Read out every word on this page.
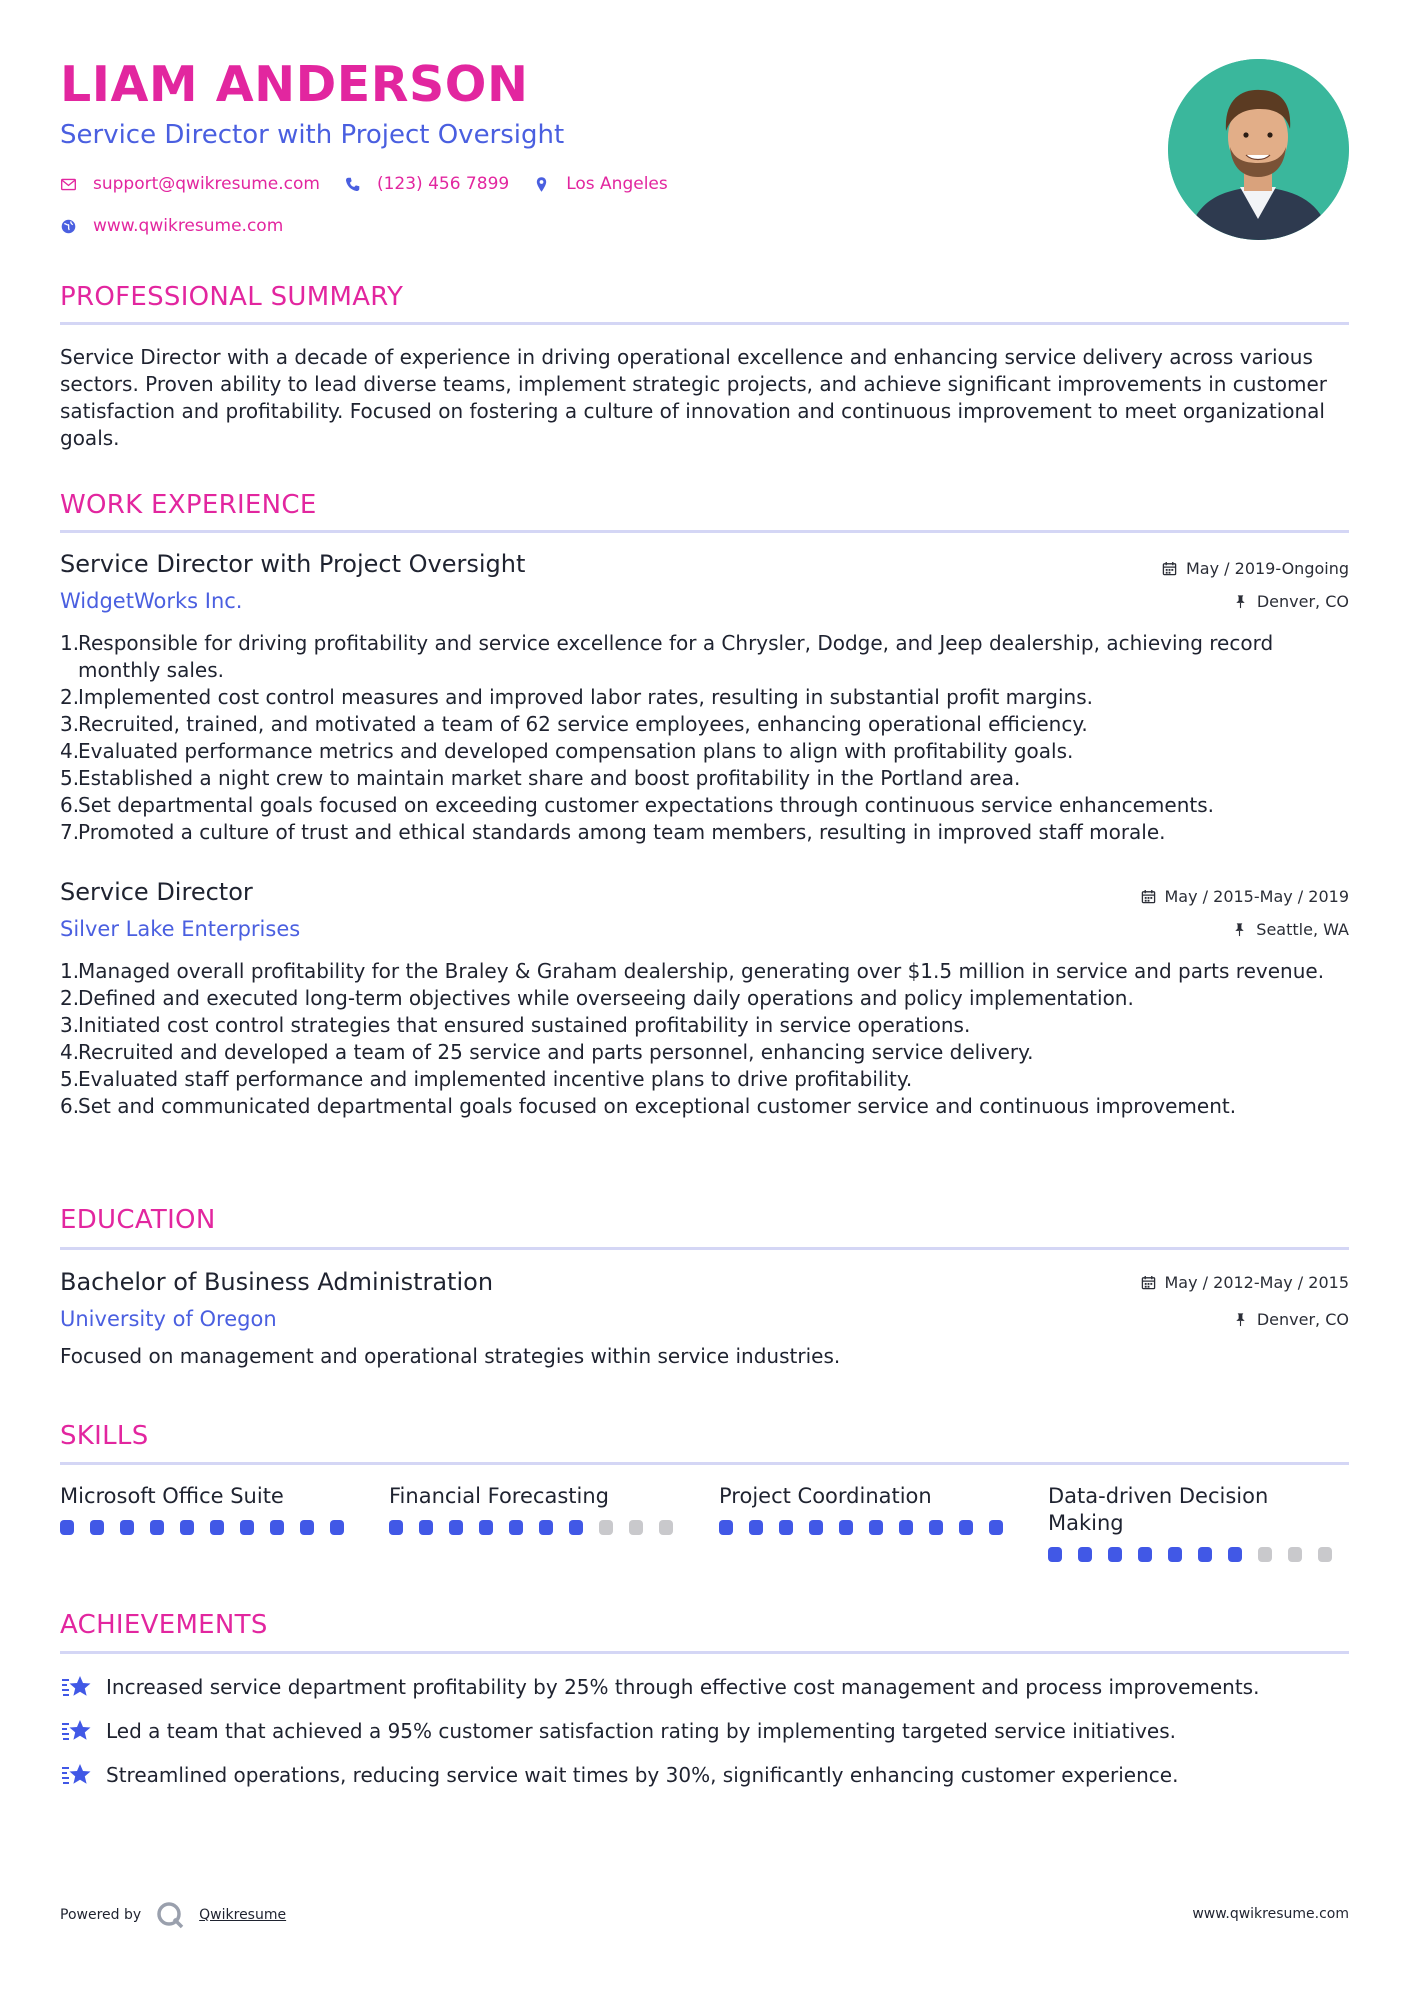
LIAM ANDERSON
Service Director with Project Oversight
support@qwikresume.com	(123) 456 7899	Los Angeles
www.qwikresume.com
PROFESSIONAL SUMMARY
Service Director with a decade of experience in driving operational excellence and enhancing service delivery across various sectors. Proven ability to lead diverse teams, implement strategic projects, and achieve significant improvements in customer satisfaction and profitability. Focused on fostering a culture of innovation and continuous improvement to meet organizational goals.
WORK EXPERIENCE
Service Director with Project Oversight	May / 2019-Ongoing
WidgetWorks Inc.	Denver, CO
1.
Responsible for driving profitability and service excellence for a Chrysler, Dodge, and Jeep dealership, achieving record monthly sales.
2.
Implemented cost control measures and improved labor rates, resulting in substantial profit margins.
3.
Recruited, trained, and motivated a team of 62 service employees, enhancing operational efficiency.
4.
Evaluated performance metrics and developed compensation plans to align with profitability goals.
5.
Established a night crew to maintain market share and boost profitability in the Portland area.
6.
Set departmental goals focused on exceeding customer expectations through continuous service enhancements.
7.
Promoted a culture of trust and ethical standards among team members, resulting in improved staff morale.
Service Director	May / 2015-May / 2019
Silver Lake Enterprises	Seattle, WA
1.
Managed overall profitability for the Braley & Graham dealership, generating over $1.5 million in service and parts revenue.
2.
Defined and executed long-term objectives while overseeing daily operations and policy implementation.
3.
Initiated cost control strategies that ensured sustained profitability in service operations.
4.
Recruited and developed a team of 25 service and parts personnel, enhancing service delivery.
5.
Evaluated staff performance and implemented incentive plans to drive profitability.
6.
Set and communicated departmental goals focused on exceptional customer service and continuous improvement.
EDUCATION
Bachelor of Business Administration	May / 2012-May / 2015
University of Oregon	Denver, CO
Focused on management and operational strategies within service industries.
SKILLS
Microsoft Office Suite	Financial Forecasting	Project Coordination	Data-driven Decision Making
ACHIEVEMENTS
Increased service department profitability by 25% through effective cost management and process improvements.
Led a team that achieved a 95% customer satisfaction rating by implementing targeted service initiatives.
Streamlined operations, reducing service wait times by 30%, significantly enhancing customer experience.
Powered by	Qwikresume	www.qwikresume.com
